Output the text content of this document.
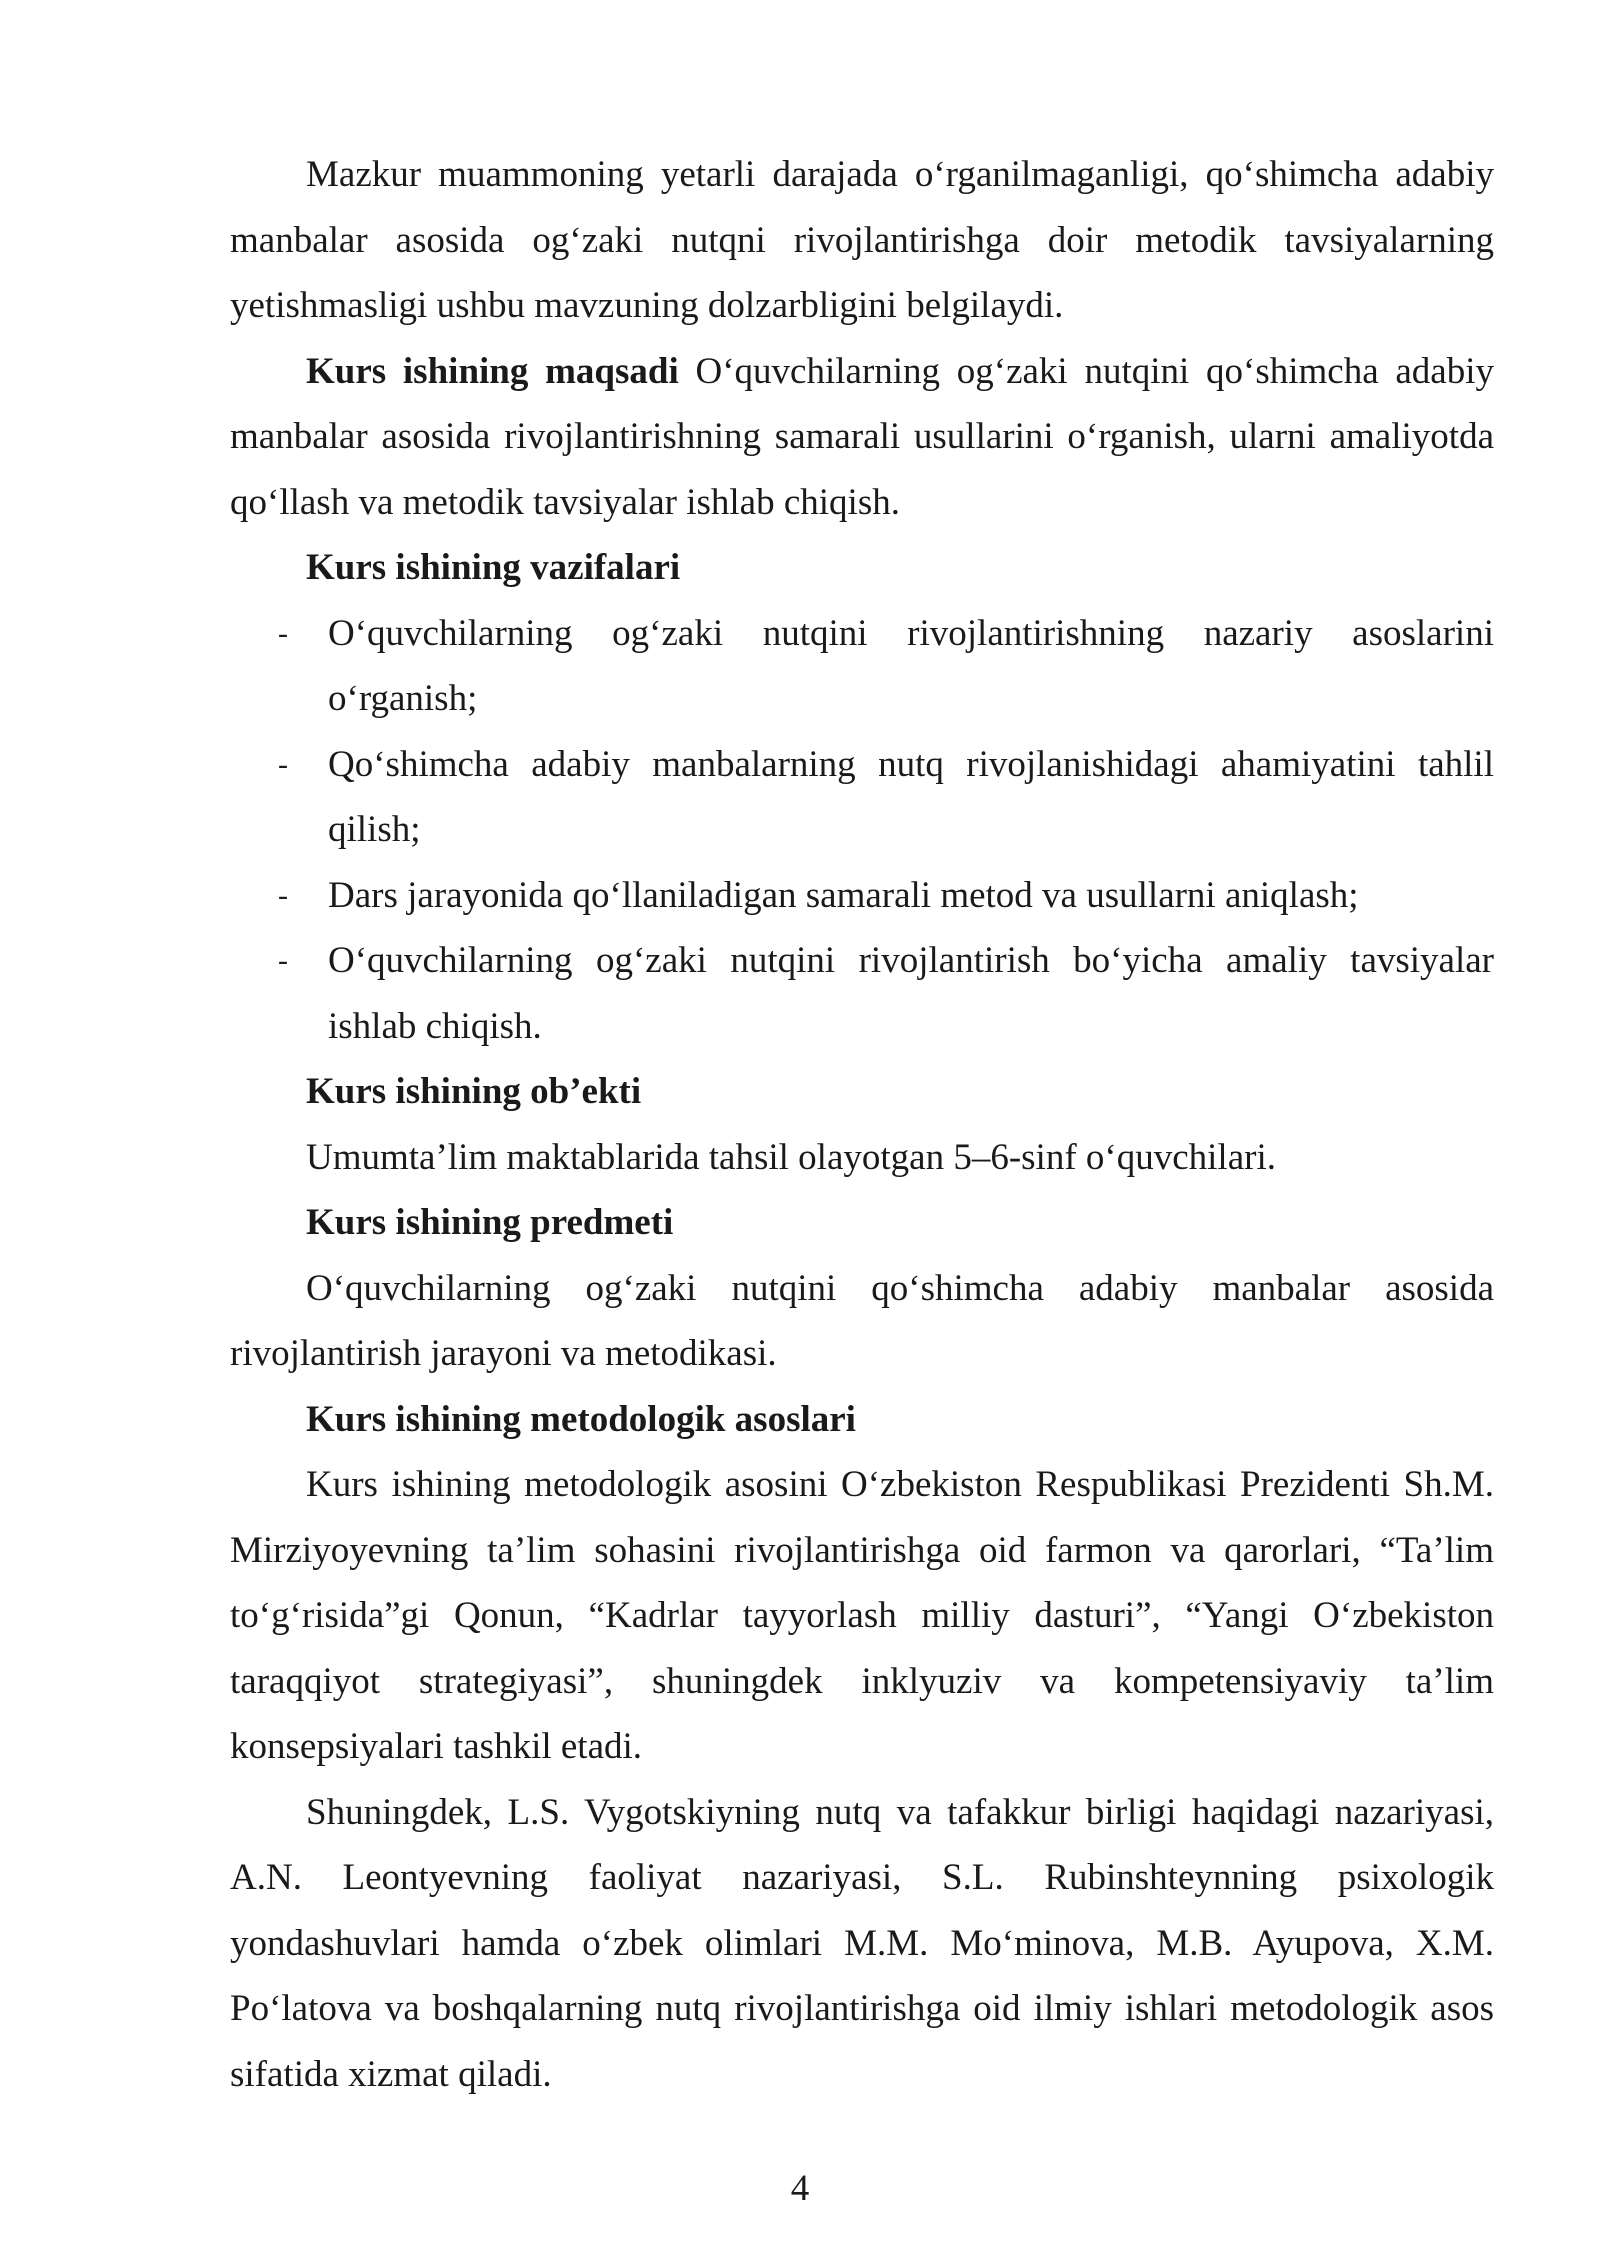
Mazkur muammoning yetarli darajada o‘rganilmaganligi, qo‘shimcha adabiy manbalar asosida og‘zaki nutqni rivojlantirishga doir metodik tavsiyalarning yetishmasligi ushbu mavzuning dolzarbligini belgilaydi.

Kurs ishining maqsadi O‘quvchilarning og‘zaki nutqini qo‘shimcha adabiy manbalar asosida rivojlantirishning samarali usullarini o‘rganish, ularni amaliyotda qo‘llash va metodik tavsiyalar ishlab chiqish.

Kurs ishining vazifalari
- O‘quvchilarning og‘zaki nutqini rivojlantirishning nazariy asoslarini o‘rganish;
- Qo‘shimcha adabiy manbalarning nutq rivojlanishidagi ahamiyatini tahlil qilish;
- Dars jarayonida qo‘llaniladigan samarali metod va usullarni aniqlash;
- O‘quvchilarning og‘zaki nutqini rivojlantirish bo‘yicha amaliy tavsiyalar ishlab chiqish.
Kurs ishining ob’ekti
Umumta’lim maktablarida tahsil olayotgan 5–6-sinf o‘quvchilari.
Kurs ishining predmeti

O‘quvchilarning og‘zaki nutqini qo‘shimcha adabiy manbalar asosida rivojlantirish jarayoni va metodikasi.

Kurs ishining metodologik asoslari

Kurs ishining metodologik asosini O‘zbekiston Respublikasi Prezidenti Sh.M. Mirziyoyevning ta’lim sohasini rivojlantirishga oid farmon va qarorlari, “Ta’lim to‘g‘risida”gi Qonun, “Kadrlar tayyorlash milliy dasturi”, “Yangi O‘zbekiston taraqqiyot strategiyasi”, shuningdek inklyuziv va kompetensiyaviy ta’lim konsepsiyalari tashkil etadi.

Shuningdek, L.S. Vygotskiyning nutq va tafakkur birligi haqidagi nazariyasi, A.N. Leontyevning faoliyat nazariyasi, S.L. Rubinshteynning psixologik yondashuvlari hamda o‘zbek olimlari M.M. Mo‘minova, M.B. Ayupova, X.M. Po‘latova va boshqalarning nutq rivojlantirishga oid ilmiy ishlari metodologik asos sifatida xizmat qiladi.

4
